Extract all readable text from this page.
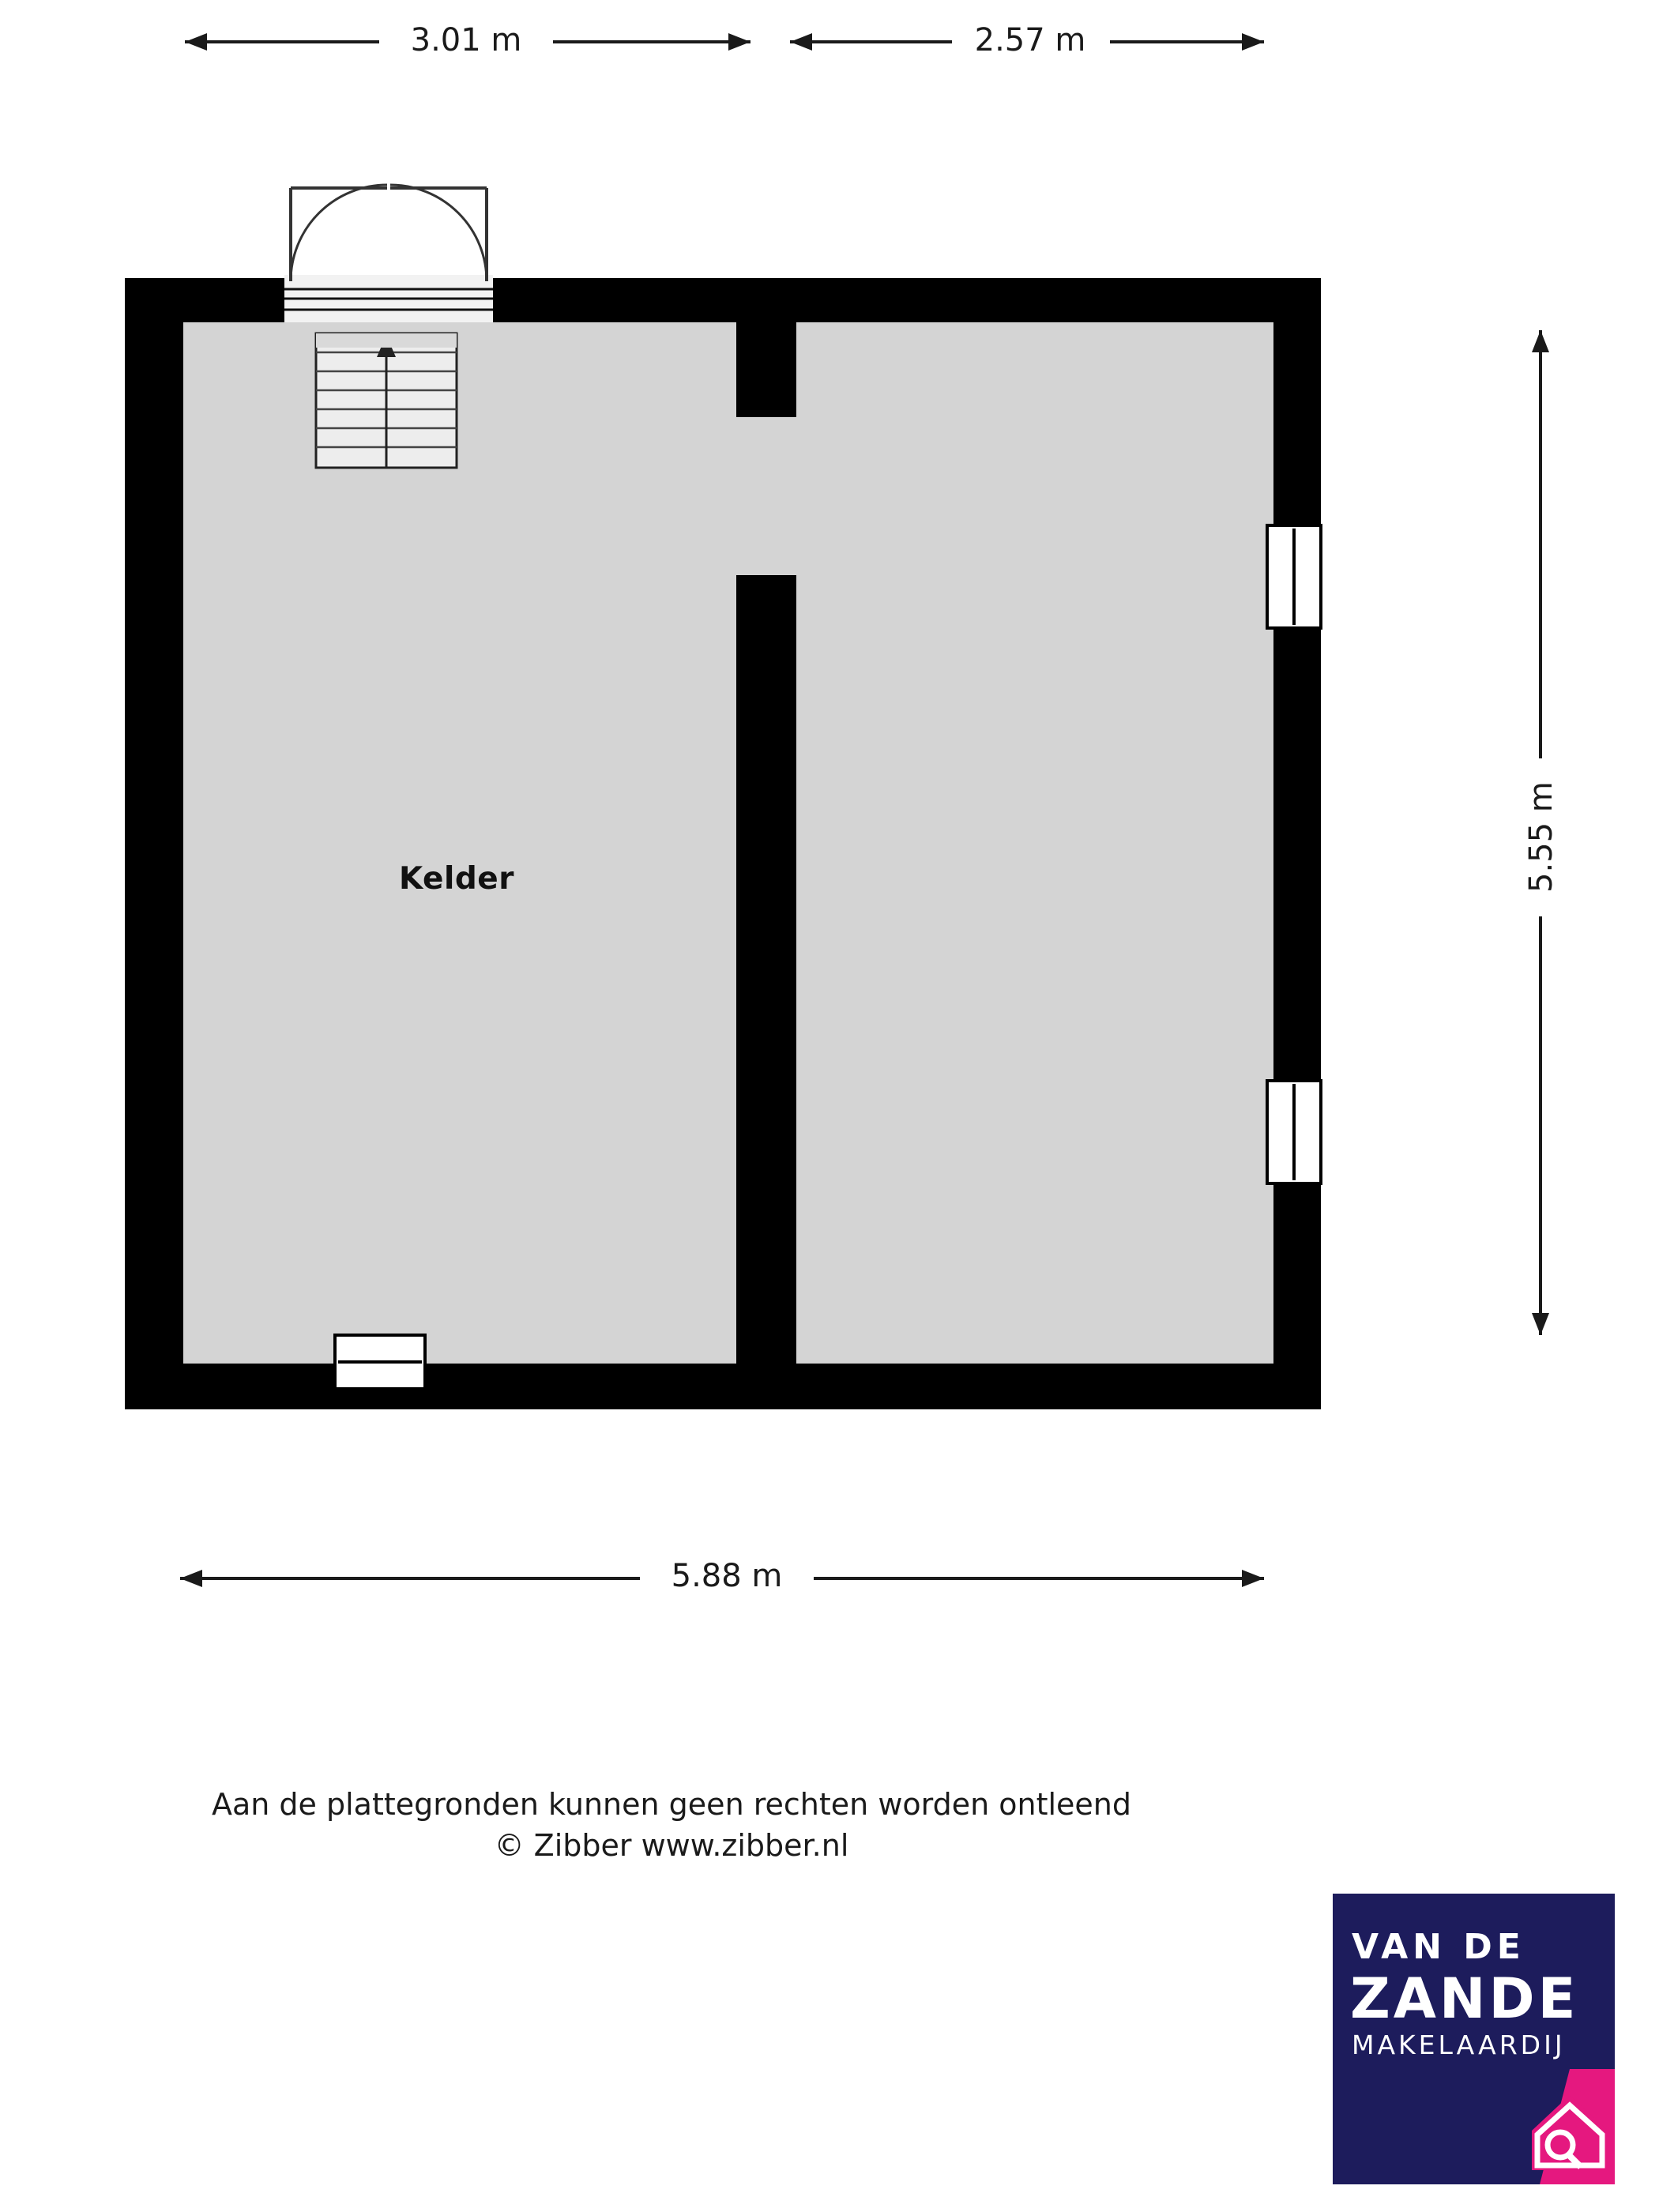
3.01 m	2.57 m
5.55 m
5.88 m
Kelder
Aan de plattegronden kunnen geen rechten worden ontleend
© Zibber www.zibber.nl
VAN DE
ZANDE
MAKELAARDIJ
